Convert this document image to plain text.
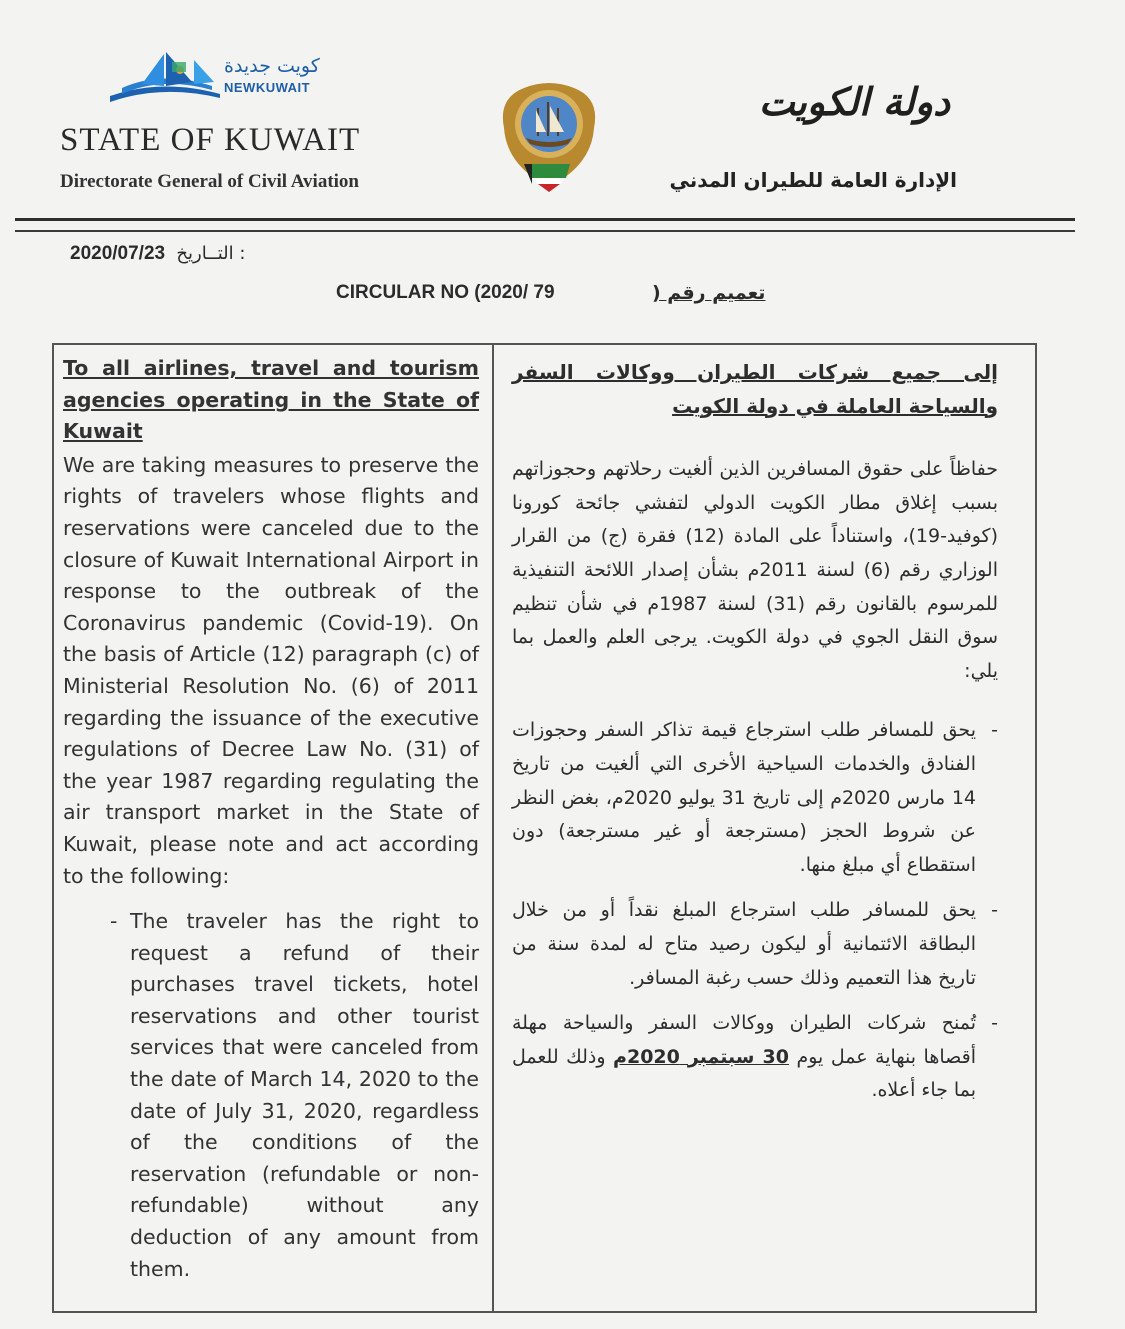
كويت جديدة
NEWKUWAIT
STATE OF KUWAIT
Directorate General of Civil Aviation
دولة الكويت
الإدارة العامة للطيران المدني
2020/07/23 التــاريخ :
CIRCULAR NO (2020/ 79	تعميم رقم (
To all airlines, travel and tourism agencies operating in the State of Kuwait
We are taking measures to preserve the rights of travelers whose flights and reservations were canceled due to the closure of Kuwait International Airport in response to the outbreak of the Coronavirus pandemic (Covid-19). On the basis of Article (12) paragraph (c) of Ministerial Resolution No. (6) of 2011 regarding the issuance of the executive regulations of Decree Law No. (31) of the year 1987 regarding regulating the air transport market in the State of Kuwait, please note and act according to the following:
- The traveler has the right to request a refund of their purchases travel tickets, hotel reservations and other tourist services that were canceled from the date of March 14, 2020 to the date of July 31, 2020, regardless of the conditions of the reservation (refundable or non-refundable) without any deduction of any amount from them.
إلى جميع شركات الطيران ووكالات السفر والسياحة العاملة في دولة الكويت
حفاظاً على حقوق المسافرين الذين ألغيت رحلاتهم وحجوزاتهم بسبب إغلاق مطار الكويت الدولي لتفشي جائحة كورونا (كوفيد-19)، واستناداً على المادة (12) فقرة (ج) من القرار الوزاري رقم (6) لسنة 2011م بشأن إصدار اللائحة التنفيذية للمرسوم بالقانون رقم (31) لسنة 1987م في شأن تنظيم سوق النقل الجوي في دولة الكويت. يرجى العلم والعمل بما يلي:
-
يحق للمسافر طلب استرجاع قيمة تذاكر السفر وحجوزات الفنادق والخدمات السياحية الأخرى التي ألغيت من تاريخ 14 مارس 2020م إلى تاريخ 31 يوليو 2020م، بغض النظر عن شروط الحجز (مسترجعة أو غير مسترجعة) دون استقطاع أي مبلغ منها.
-
يحق للمسافر طلب استرجاع المبلغ نقداً أو من خلال البطاقة الائتمانية أو ليكون رصيد متاح له لمدة سنة من تاريخ هذا التعميم وذلك حسب رغبة المسافر.
-
تُمنح شركات الطيران ووكالات السفر والسياحة مهلة أقصاها بنهاية عمل يوم 30 سبتمبر 2020م وذلك للعمل بما جاء أعلاه.
